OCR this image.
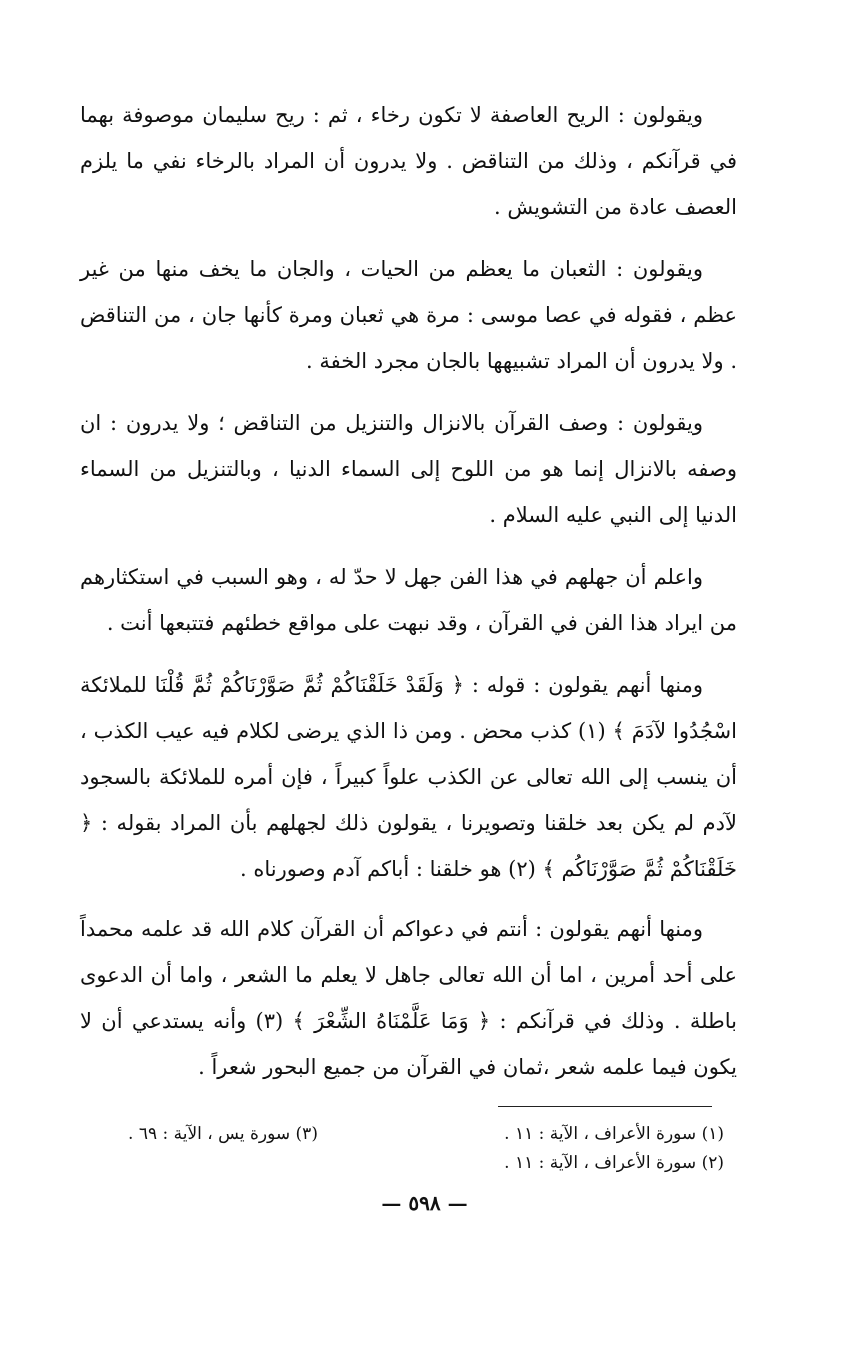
ويقولون : الريح العاصفة لا تكون رخاء ، ثم : ريح سليمان موصوفة بهما في قرآنكم ، وذلك من التناقض . ولا يدرون أن المراد بالرخاء نفي ما يلزم العصف عادة من التشويش .

ويقولون : الثعبان ما يعظم من الحيات ، والجان ما يخف منها من غير عظم ، فقوله في عصا موسى : مرة هي ثعبان ومرة كأنها جان ، من التناقض . ولا يدرون أن المراد تشبيهها بالجان مجرد الخفة .

ويقولون : وصف القرآن بالانزال والتنزيل من التناقض ؛ ولا يدرون : ان وصفه بالانزال إنما هو من اللوح إلى السماء الدنيا ، وبالتنزيل من السماء الدنيا إلى النبي عليه السلام .

واعلم أن جهلهم في هذا الفن جهل لا حدّ له ، وهو السبب في استكثارهم من ايراد هذا الفن في القرآن ، وقد نبهت على مواقع خطئهم فتتبعها أنت .

ومنها أنهم يقولون : قوله : ﴿ وَلَقَدْ خَلَقْنَاكُمْ ثُمَّ صَوَّرْنَاكُمْ ثُمَّ قُلْنَا للملائكة اسْجُدُوا لآدَمَ ﴾ (١) كذب محض . ومن ذا الذي يرضى لكلام فيه عيب الكذب ، أن ينسب إلى الله تعالى عن الكذب علواً كبيراً ، فإن أمره للملائكة بالسجود لآدم لم يكن بعد خلقنا وتصويرنا ، يقولون ذلك لجهلهم بأن المراد بقوله : ﴿ خَلَقْنَاكُمْ ثُمَّ صَوَّرْنَاكُم ﴾ (٢) هو خلقنا : أباكم آدم وصورناه .

ومنها أنهم يقولون : أنتم في دعواكم أن القرآن كلام الله قد علمه محمداً على أحد أمرين ، اما أن الله تعالى جاهل لا يعلم ما الشعر ، واما أن الدعوى باطلة . وذلك في قرآنكم : ﴿ وَمَا عَلَّمْنَاهُ الشِّعْرَ ﴾ (٣) وأنه يستدعي أن لا يكون فيما علمه شعر ،ثمان في القرآن من جميع البحور شعراً .

(١) سورة الأعراف ، الآية : ١١ .
(٣) سورة يس ، الآية : ٦٩ .
(٢) سورة الأعراف ، الآية : ١١ .
— ٥٩٨ —
